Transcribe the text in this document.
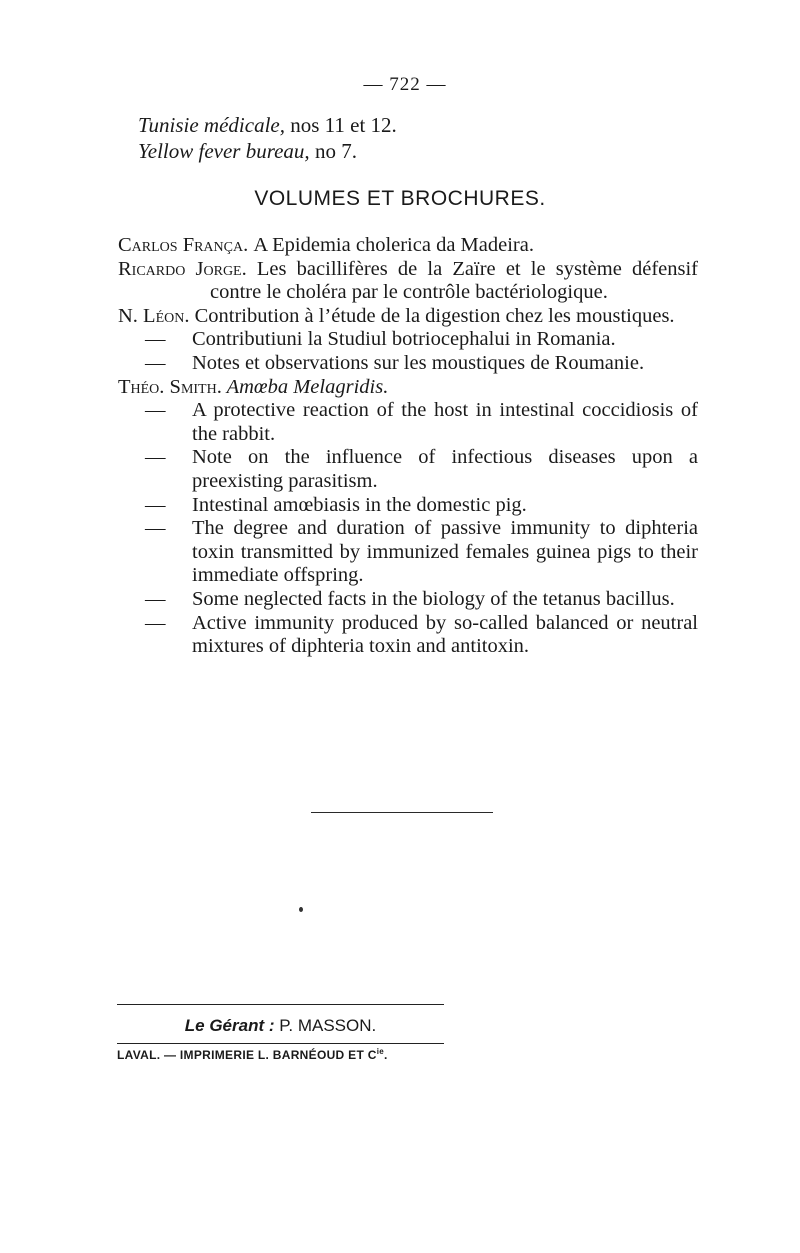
— 722 —
Tunisie médicale, nos 11 et 12.
Yellow fever bureau, no 7.
VOLUMES ET BROCHURES.

Carlos Françа. A Epidemia cholerica da Madeira.

Ricardo Jorge. Les bacillifères de la Zaïre et le système défensif contre le choléra par le contrôle bactériologique.

N. Léon. Contribution à l’étude de la digestion chez les moustiques.

— Contributiuni la Studiul botriocephalui in Romania.

— Notes et observations sur les moustiques de Roumanie.

Théo. Smith. Amœba Melagridis.

— A protective reaction of the host in intestinal coccidiosis of the rabbit.

— Note on the influence of infectious diseases upon a preexisting parasitism.

— Intestinal amœbiasis in the domestic pig.

— The degree and duration of passive immunity to diphteria toxin transmitted by immunized females guinea pigs to their immediate offspring.

— Some neglected facts in the biology of the tetanus bacillus.

— Active immunity produced by so-called balanced or neutral mixtures of diphteria toxin and antitoxin.

Le Gérant : P. MASSON.
LAVAL. — IMPRIMERIE L. BARNÉOUD ET $C^{ie}$.
